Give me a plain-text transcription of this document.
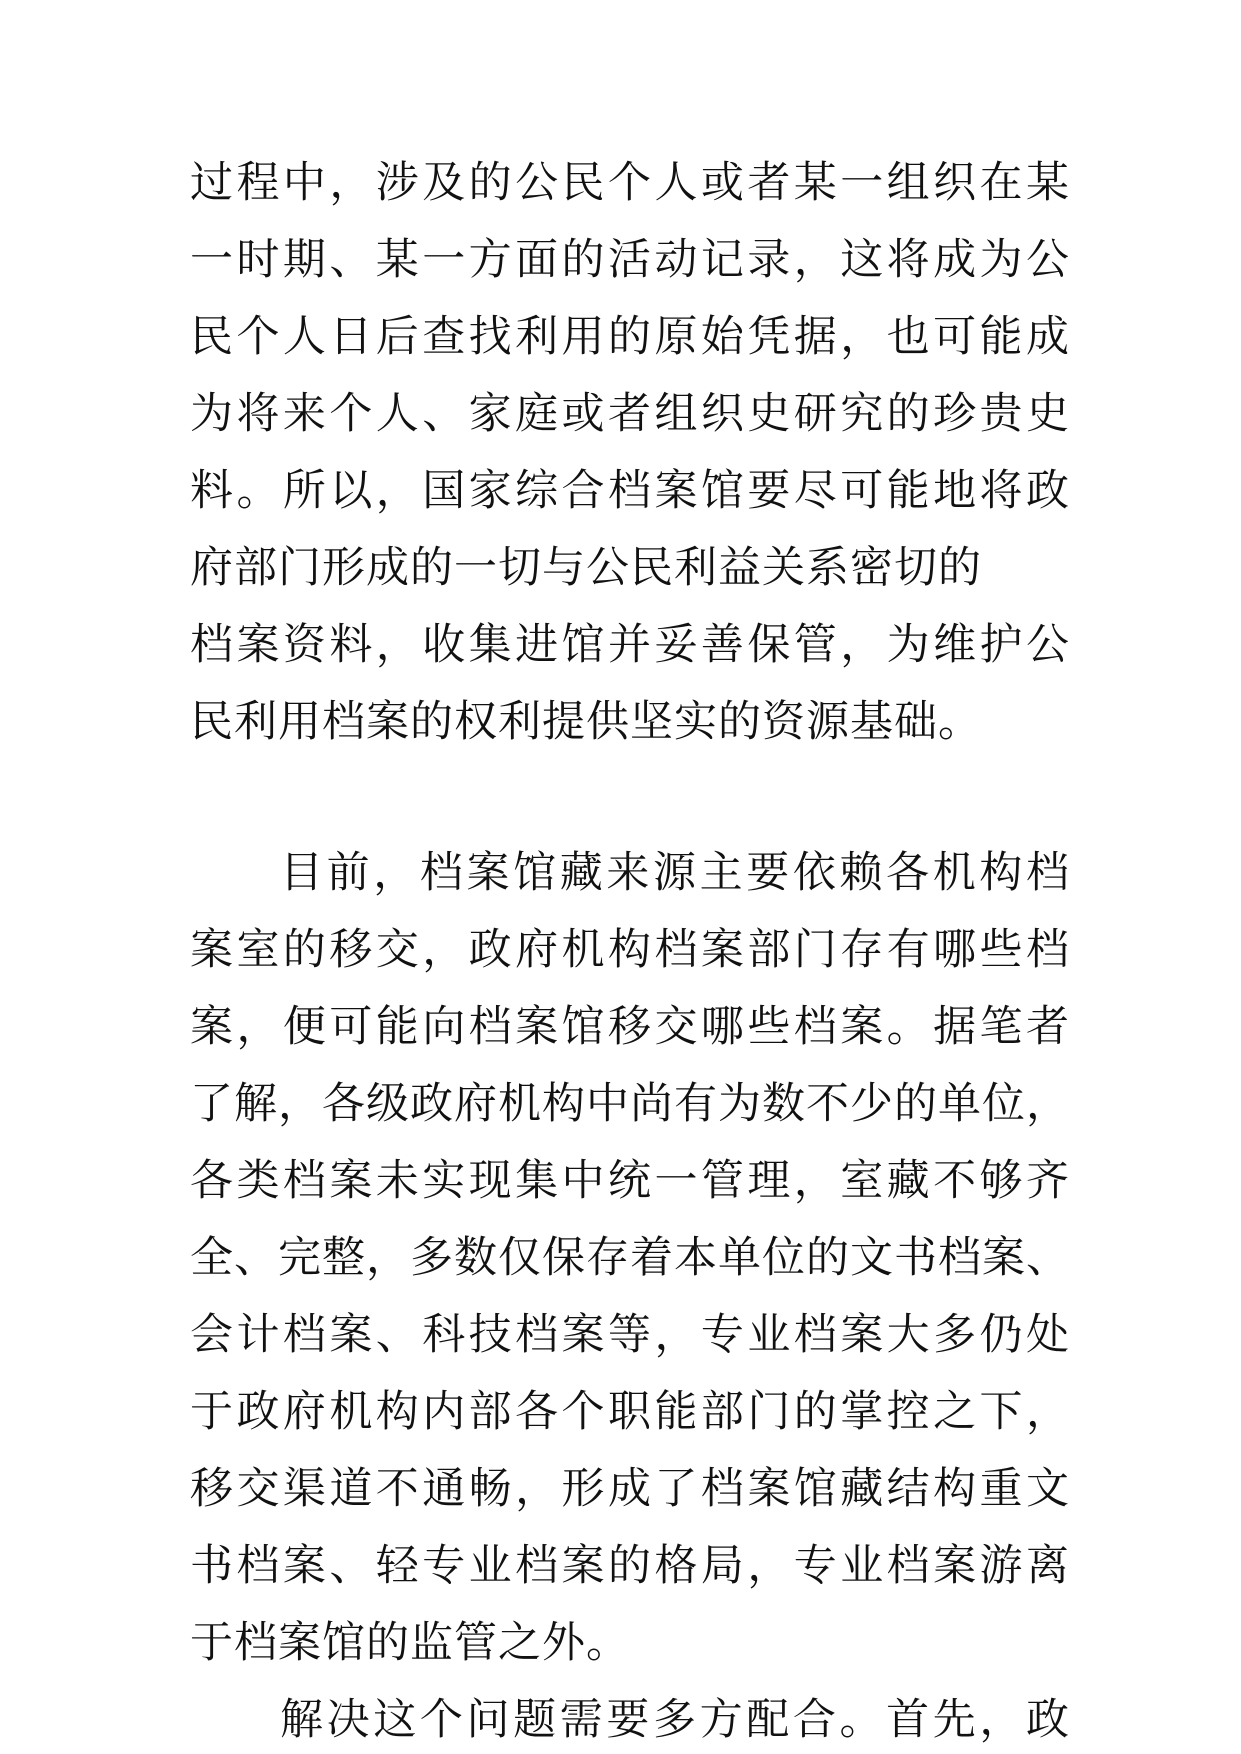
过程中，涉及的公民个人或者某一组织在某
一时期、某一方面的活动记录，这将成为公
民个人日后查找利用的原始凭据，也可能成
为将来个人、家庭或者组织史研究的珍贵史
料。所以，国家综合档案馆要尽可能地将政
府部门形成的一切与公民利益关系密切的
档案资料，收集进馆并妥善保管，为维护公
民利用档案的权利提供坚实的资源基础。
目前，档案馆藏来源主要依赖各机构档
案室的移交，政府机构档案部门存有哪些档
案，便可能向档案馆移交哪些档案。据笔者
了解，各级政府机构中尚有为数不少的单位，
各类档案未实现集中统一管理，室藏不够齐
全、完整，多数仅保存着本单位的文书档案、
会计档案、科技档案等，专业档案大多仍处
于政府机构内部各个职能部门的掌控之下，
移交渠道不通畅，形成了档案馆藏结构重文
书档案、轻专业档案的格局，专业档案游离
于档案馆的监管之外。
解决这个问题需要多方配合。首先，政
